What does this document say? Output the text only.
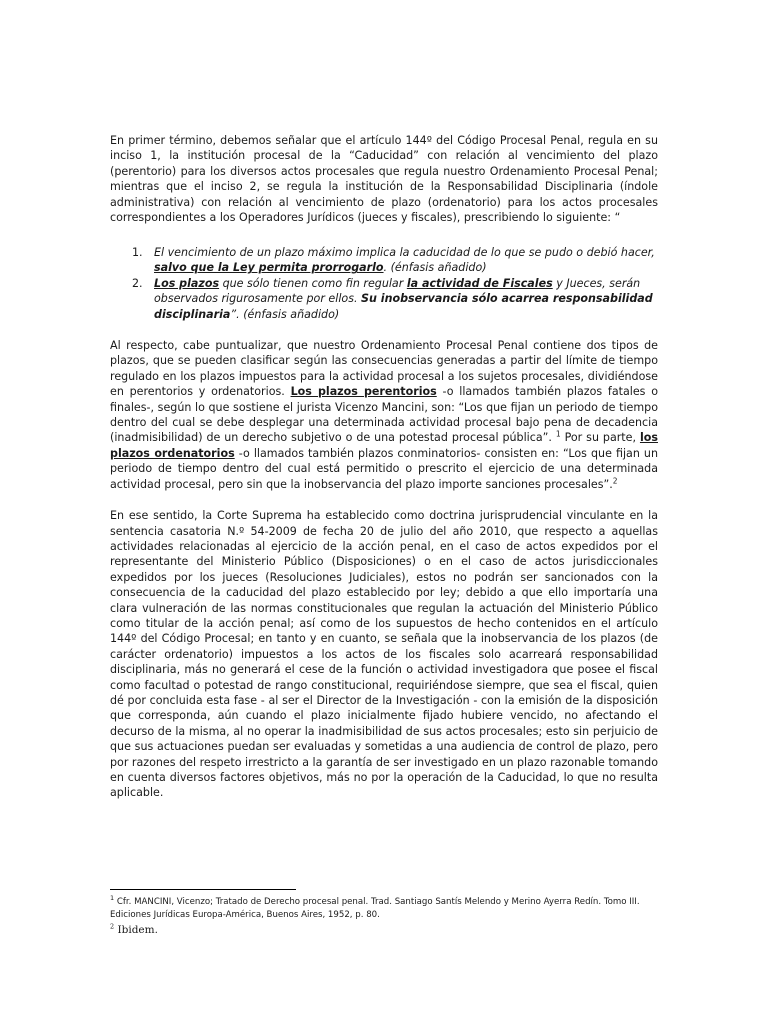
En primer término, debemos señalar que el artículo 144º del Código Procesal Penal, regula en su inciso 1, la institución procesal de la “Caducidad” con relación al vencimiento del plazo (perentorio) para los diversos actos procesales que regula nuestro Ordenamiento Procesal Penal; mientras que el inciso 2, se regula la institución de la Responsabilidad Disciplinaria (índole administrativa) con relación al vencimiento de plazo (ordenatorio) para los actos procesales correspondientes a los Operadores Jurídicos (jueces y fiscales), prescribiendo lo siguiente: “

1. El vencimiento de un plazo máximo implica la caducidad de lo que se pudo o debió hacer, salvo que la Ley permita prorrogarlo. (énfasis añadido)
2. Los plazos que sólo tienen como fin regular la actividad de Fiscales y Jueces, serán observados rigurosamente por ellos. Su inobservancia sólo acarrea responsabilidad disciplinaria”. (énfasis añadido)

Al respecto, cabe puntualizar, que nuestro Ordenamiento Procesal Penal contiene dos tipos de plazos, que se pueden clasificar según las consecuencias generadas a partir del límite de tiempo regulado en los plazos impuestos para la actividad procesal a los sujetos procesales, dividiéndose en perentorios y ordenatorios. Los plazos perentorios -o llamados también plazos fatales o finales-, según lo que sostiene el jurista Vicenzo Mancini, son: “Los que fijan un periodo de tiempo dentro del cual se debe desplegar una determinada actividad procesal bajo pena de decadencia (inadmisibilidad) de un derecho subjetivo o de una potestad procesal pública”. $^1$ Por su parte, los plazos ordenatorios -o llamados también plazos conminatorios- consisten en: “Los que fijan un periodo de tiempo dentro del cual está permitido o prescrito el ejercicio de una determinada actividad procesal, pero sin que la inobservancia del plazo importe sanciones procesales”.$^2$

En ese sentido, la Corte Suprema ha establecido como doctrina jurisprudencial vinculante en la sentencia casatoria N.º 54-2009 de fecha 20 de julio del año 2010, que respecto a aquellas actividades relacionadas al ejercicio de la acción penal, en el caso de actos expedidos por el representante del Ministerio Público (Disposiciones) o en el caso de actos jurisdiccionales expedidos por los jueces (Resoluciones Judiciales), estos no podrán ser sancionados con la consecuencia de la caducidad del plazo establecido por ley; debido a que ello importaría una clara vulneración de las normas constitucionales que regulan la actuación del Ministerio Público como titular de la acción penal; así como de los supuestos de hecho contenidos en el artículo 144º del Código Procesal; en tanto y en cuanto, se señala que la inobservancia de los plazos (de carácter ordenatorio) impuestos a los actos de los fiscales solo acarreará responsabilidad disciplinaria, más no generará el cese de la función o actividad investigadora que posee el fiscal como facultad o potestad de rango constitucional, requiriéndose siempre, que sea el fiscal, quien dé por concluida esta fase - al ser el Director de la Investigación - con la emisión de la disposición que corresponda, aún cuando el plazo inicialmente fijado hubiere vencido, no afectando el decurso de la misma, al no operar la inadmisibilidad de sus actos procesales; esto sin perjuicio de que sus actuaciones puedan ser evaluadas y sometidas a una audiencia de control de plazo, pero por razones del respeto irrestricto a la garantía de ser investigado en un plazo razonable tomando en cuenta diversos factores objetivos, más no por la operación de la Caducidad, lo que no resulta aplicable.

$^1$ Cfr. MANCINI, Vicenzo; Tratado de Derecho procesal penal. Trad. Santiago Santís Melendo y Merino Ayerra Redín. Tomo III. Ediciones Jurídicas Europa-América, Buenos Aires, 1952, p. 80.
$^2$ Ibidem.
